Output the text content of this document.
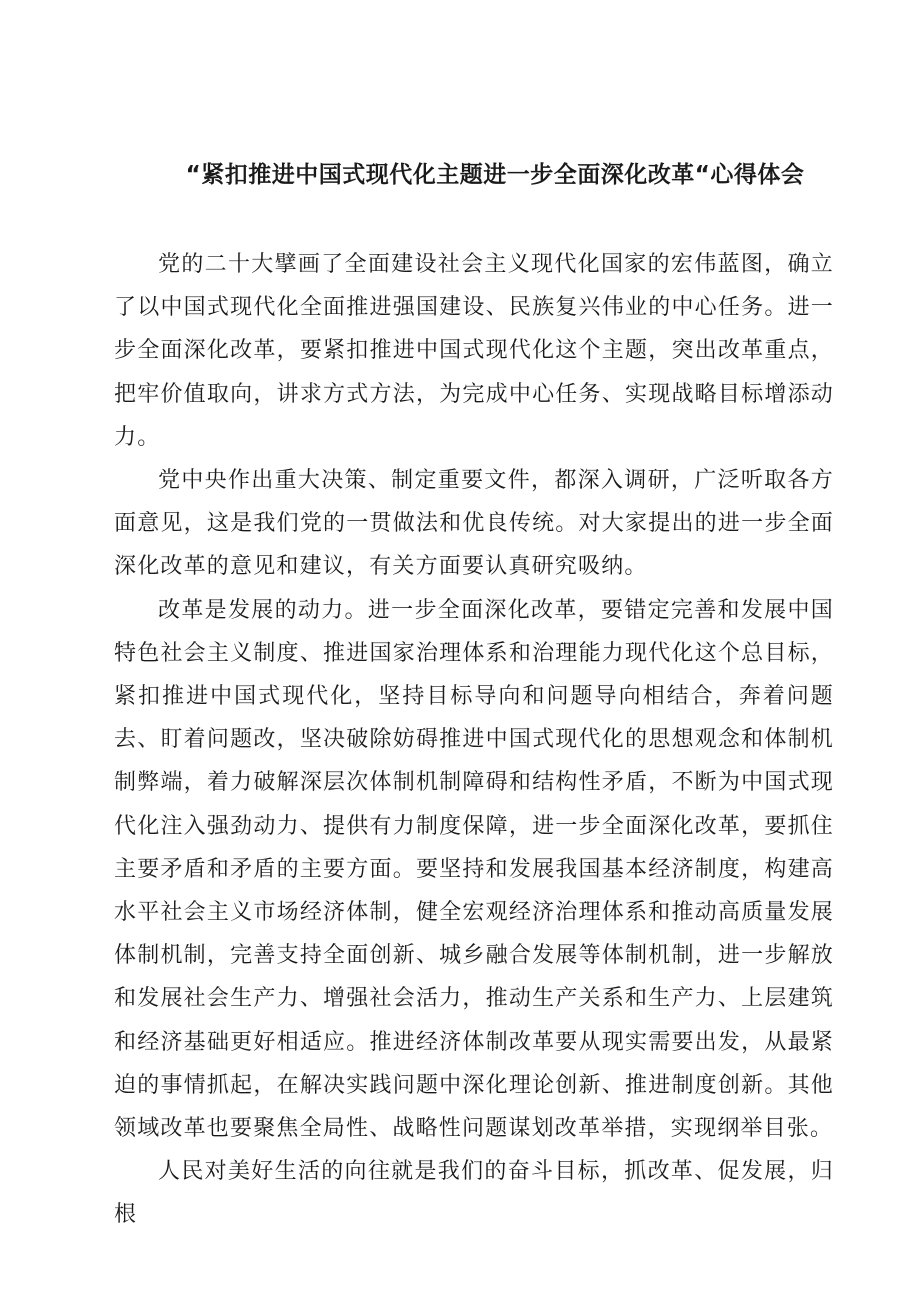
“紧扣推进中国式现代化主题进一步全面深化改革“心得体会

党的二十大擘画了全面建设社会主义现代化国家的宏伟蓝图，确立了以中国式现代化全面推进强国建设、民族复兴伟业的中心任务。进一步全面深化改革，要紧扣推进中国式现代化这个主题，突出改革重点，把牢价值取向，讲求方式方法，为完成中心任务、实现战略目标增添动力。

党中央作出重大决策、制定重要文件，都深入调研，广泛听取各方面意见，这是我们党的一贯做法和优良传统。对大家提出的进一步全面深化改革的意见和建议，有关方面要认真研究吸纳。

改革是发展的动力。进一步全面深化改革，要错定完善和发展中国特色社会主义制度、推进国家治理体系和治理能力现代化这个总目标，紧扣推进中国式现代化，坚持目标导向和问题导向相结合，奔着问题去、盯着问题改，坚决破除妨碍推进中国式现代化的思想观念和体制机制弊端，着力破解深层次体制机制障碍和结构性矛盾，不断为中国式现代化注入强劲动力、提供有力制度保障，进一步全面深化改革，要抓住主要矛盾和矛盾的主要方面。要坚持和发展我国基本经济制度，构建高水平社会主义市场经济体制，健全宏观经济治理体系和推动高质量发展体制机制，完善支持全面创新、城乡融合发展等体制机制，进一步解放和发展社会生产力、增强社会活力，推动生产关系和生产力、上层建筑和经济基础更好相适应。推进经济体制改革要从现实需要出发，从最紧迫的事情抓起，在解决实践问题中深化理论创新、推进制度创新。其他领域改革也要聚焦全局性、战略性问题谋划改革举措，实现纲举目张。

人民对美好生活的向往就是我们的奋斗目标，抓改革、促发展，归根
